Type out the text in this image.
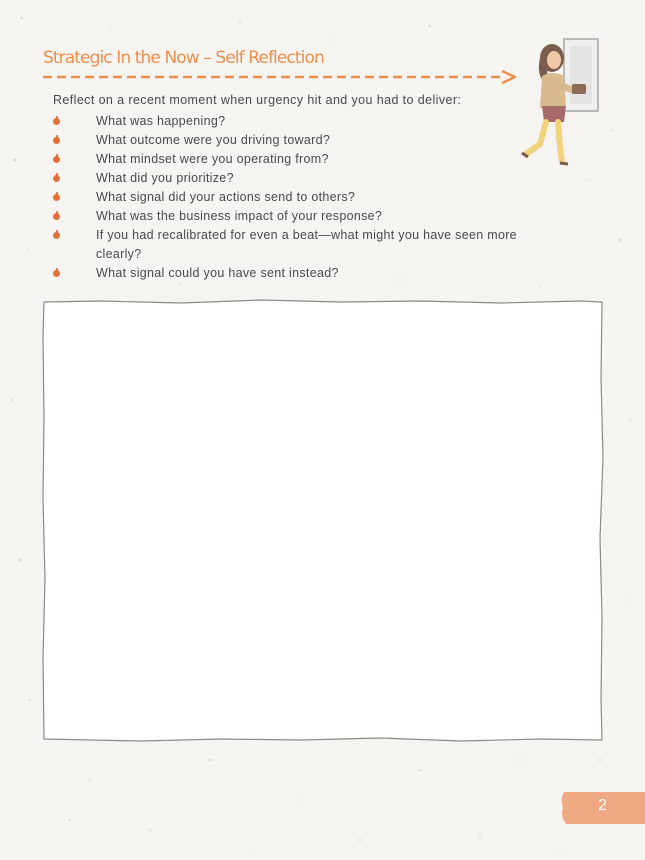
Strategic In the Now – Self Reflection

Reflect on a recent moment when urgency hit and you had to deliver:

What was happening?
What outcome were you driving toward?
What mindset were you operating from?
What did you prioritize?
What signal did your actions send to others?
What was the business impact of your response?
If you had recalibrated for even a beat—what might you have seen more clearly?
What signal could you have sent instead?
2
